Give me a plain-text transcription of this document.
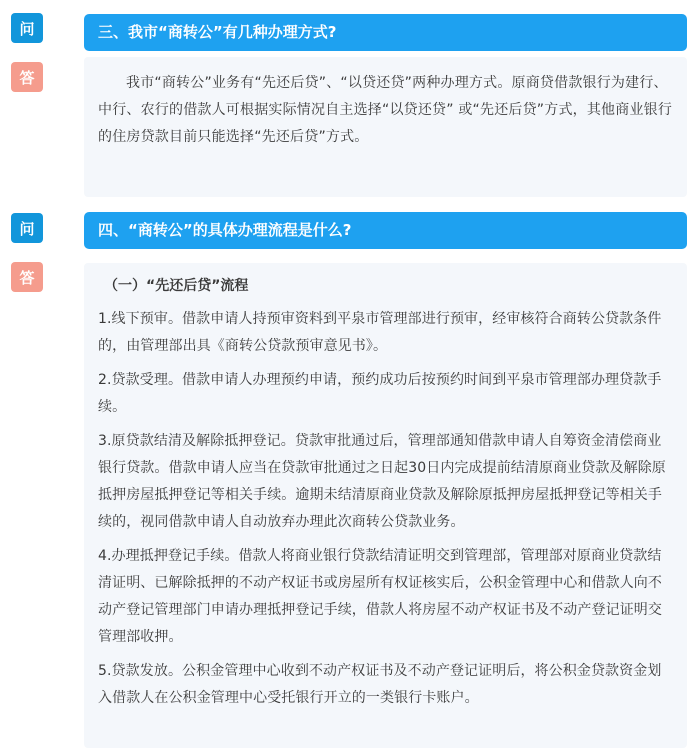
问	三、我市“商转公”有几种办理方式?
答	我市“商转公”业务有“先还后贷”、“以贷还贷”两种办理方式。原商贷借款银行为建行、中行、农行的借款人可根据实际情况自主选择“以贷还贷” 或“先还后贷”方式，其他商业银行的住房贷款目前只能选择“先还后贷”方式。

问	四、“商转公”的具体办理流程是什么?
答	（一）“先还后贷”流程

1.线下预审。借款申请人持预审资料到平泉市管理部进行预审，经审核符合商转公贷款条件的，由管理部出具《商转公贷款预审意见书》。

2.贷款受理。借款申请人办理预约申请，预约成功后按预约时间到平泉市管理部办理贷款手续。

3.原贷款结清及解除抵押登记。贷款审批通过后，管理部通知借款申请人自筹资金清偿商业银行贷款。借款申请人应当在贷款审批通过之日起30日内完成提前结清原商业贷款及解除原抵押房屋抵押登记等相关手续。逾期未结清原商业贷款及解除原抵押房屋抵押登记等相关手续的，视同借款申请人自动放弃办理此次商转公贷款业务。

4.办理抵押登记手续。借款人将商业银行贷款结清证明交到管理部，管理部对原商业贷款结清证明、已解除抵押的不动产权证书或房屋所有权证核实后，公积金管理中心和借款人向不动产登记管理部门申请办理抵押登记手续，借款人将房屋不动产权证书及不动产登记证明交管理部收押。

5.贷款发放。公积金管理中心收到不动产权证书及不动产登记证明后，将公积金贷款资金划入借款人在公积金管理中心受托银行开立的一类银行卡账户。
